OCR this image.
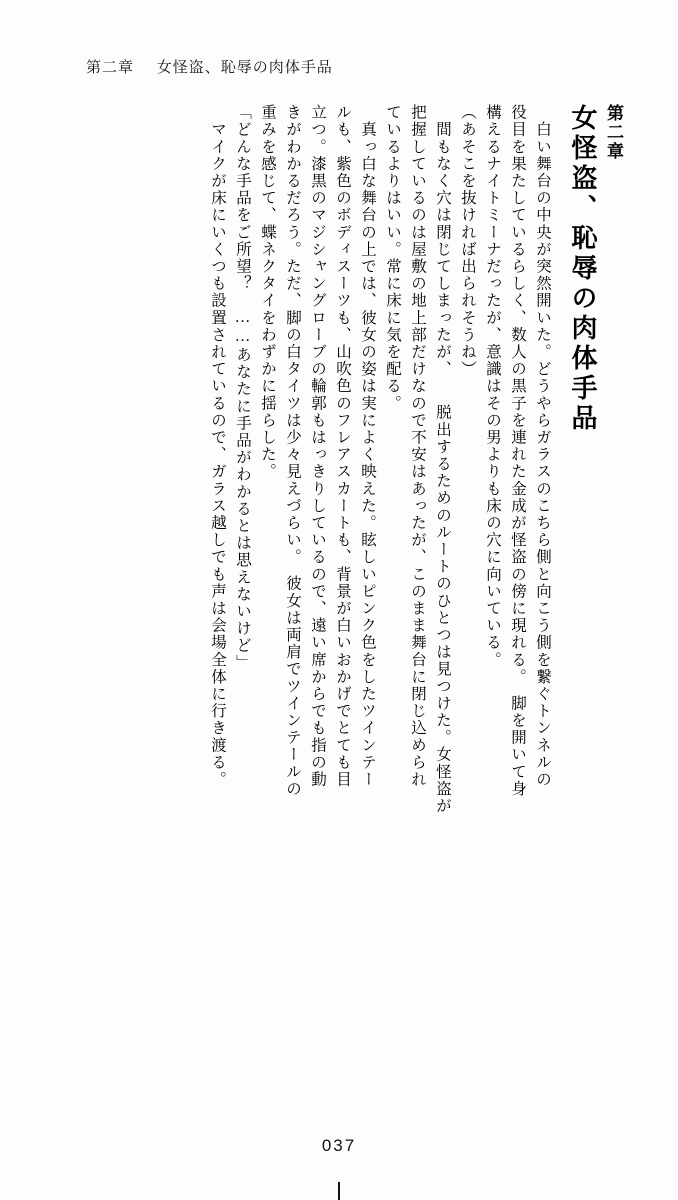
第二章 女怪盗、恥辱の肉体手品
第二章
女怪盗、恥辱の肉体手品
　白い舞台の中央が突然開いた。どうやらガラスのこちら側と向こう側を繋ぐトンネルの
役目を果たしているらしく、数人の黒子を連れた金成が怪盗の傍に現れる。　脚を開いて身
構えるナイトミーナだったが、意識はその男よりも床の穴に向いている。
（あそこを抜ければ出られそうね）
　間もなく穴は閉じてしまったが、　　脱出するためのルートのひとつは見つけた。女怪盗が
把握しているのは屋敷の地上部だけなので不安はあったが、このまま舞台に閉じ込められ
ているよりはいい。常に床に気を配る。
　真っ白な舞台の上では、彼女の姿は実によく映えた。眩しいピンク色をしたツインテー
ルも、紫色のボディスーツも、山吹色のフレアスカートも、背景が白いおかげでとても目
立つ。漆黒のマジシャングローブの輪郭もはっきりしているので、遠い席からでも指の動
きがわかるだろう。ただ、脚の白タイツは少々見えづらい。　彼女は両肩でツインテールの
重みを感じて、蝶ネクタイをわずかに揺らした。
「どんな手品をご所望？　……あなたに手品がわかるとは思えないけど」
　マイクが床にいくつも設置されているので、ガラス越しでも声は会場全体に行き渡る。
037
